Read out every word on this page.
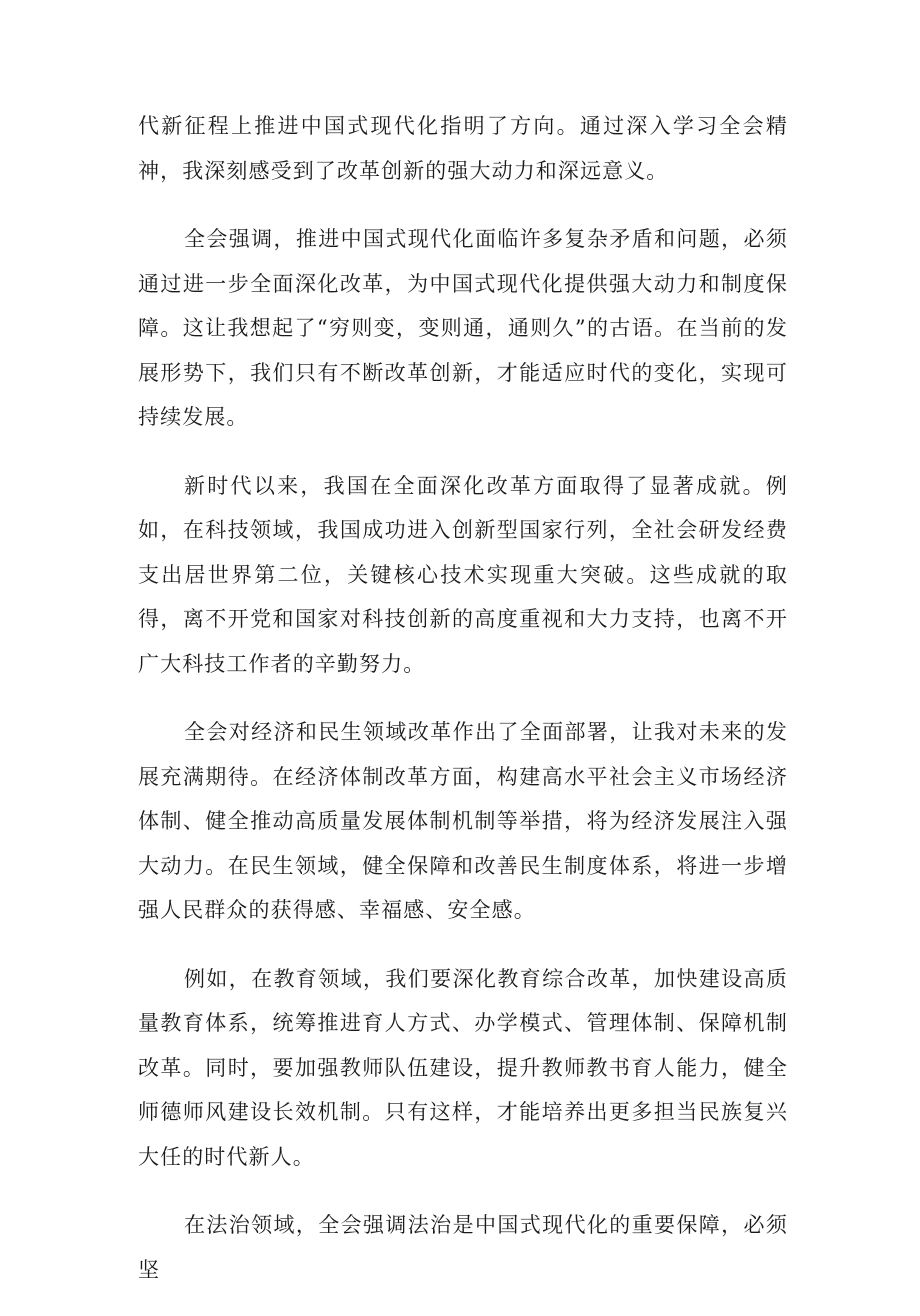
代新征程上推进中国式现代化指明了方向。通过深入学习全会精神，我深刻感受到了改革创新的强大动力和深远意义。

全会强调，推进中国式现代化面临许多复杂矛盾和问题，必须通过进一步全面深化改革，为中国式现代化提供强大动力和制度保障。这让我想起了“穷则变，变则通，通则久”的古语。在当前的发展形势下，我们只有不断改革创新，才能适应时代的变化，实现可持续发展。

新时代以来，我国在全面深化改革方面取得了显著成就。例如，在科技领域，我国成功进入创新型国家行列，全社会研发经费支出居世界第二位，关键核心技术实现重大突破。这些成就的取得，离不开党和国家对科技创新的高度重视和大力支持，也离不开广大科技工作者的辛勤努力。

全会对经济和民生领域改革作出了全面部署，让我对未来的发展充满期待。在经济体制改革方面，构建高水平社会主义市场经济体制、健全推动高质量发展体制机制等举措，将为经济发展注入强大动力。在民生领域，健全保障和改善民生制度体系，将进一步增强人民群众的获得感、幸福感、安全感。

例如，在教育领域，我们要深化教育综合改革，加快建设高质量教育体系，统筹推进育人方式、办学模式、管理体制、保障机制改革。同时，要加强教师队伍建设，提升教师教书育人能力，健全师德师风建设长效机制。只有这样，才能培养出更多担当民族复兴大任的时代新人。

在法治领域，全会强调法治是中国式现代化的重要保障，必须坚
